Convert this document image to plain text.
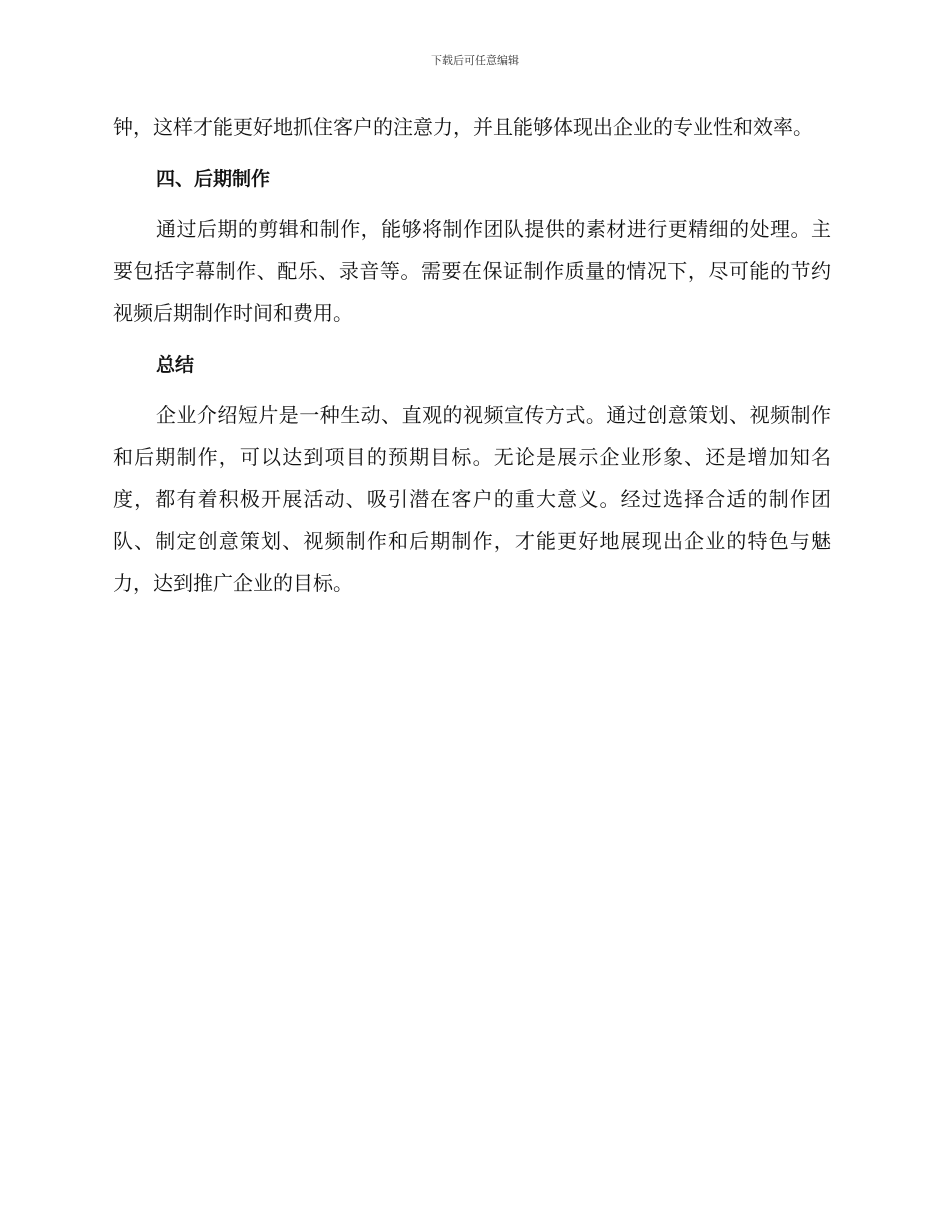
下载后可任意编辑

钟，这样才能更好地抓住客户的注意力，并且能够体现出企业的专业性和效率。

四、后期制作

通过后期的剪辑和制作，能够将制作团队提供的素材进行更精细的处理。主要包括字幕制作、配乐、录音等。需要在保证制作质量的情况下，尽可能的节约视频后期制作时间和费用。

总结

企业介绍短片是一种生动、直观的视频宣传方式。通过创意策划、视频制作和后期制作，可以达到项目的预期目标。无论是展示企业形象、还是增加知名度，都有着积极开展活动、吸引潜在客户的重大意义。经过选择合适的制作团队、制定创意策划、视频制作和后期制作，才能更好地展现出企业的特色与魅力，达到推广企业的目标。
